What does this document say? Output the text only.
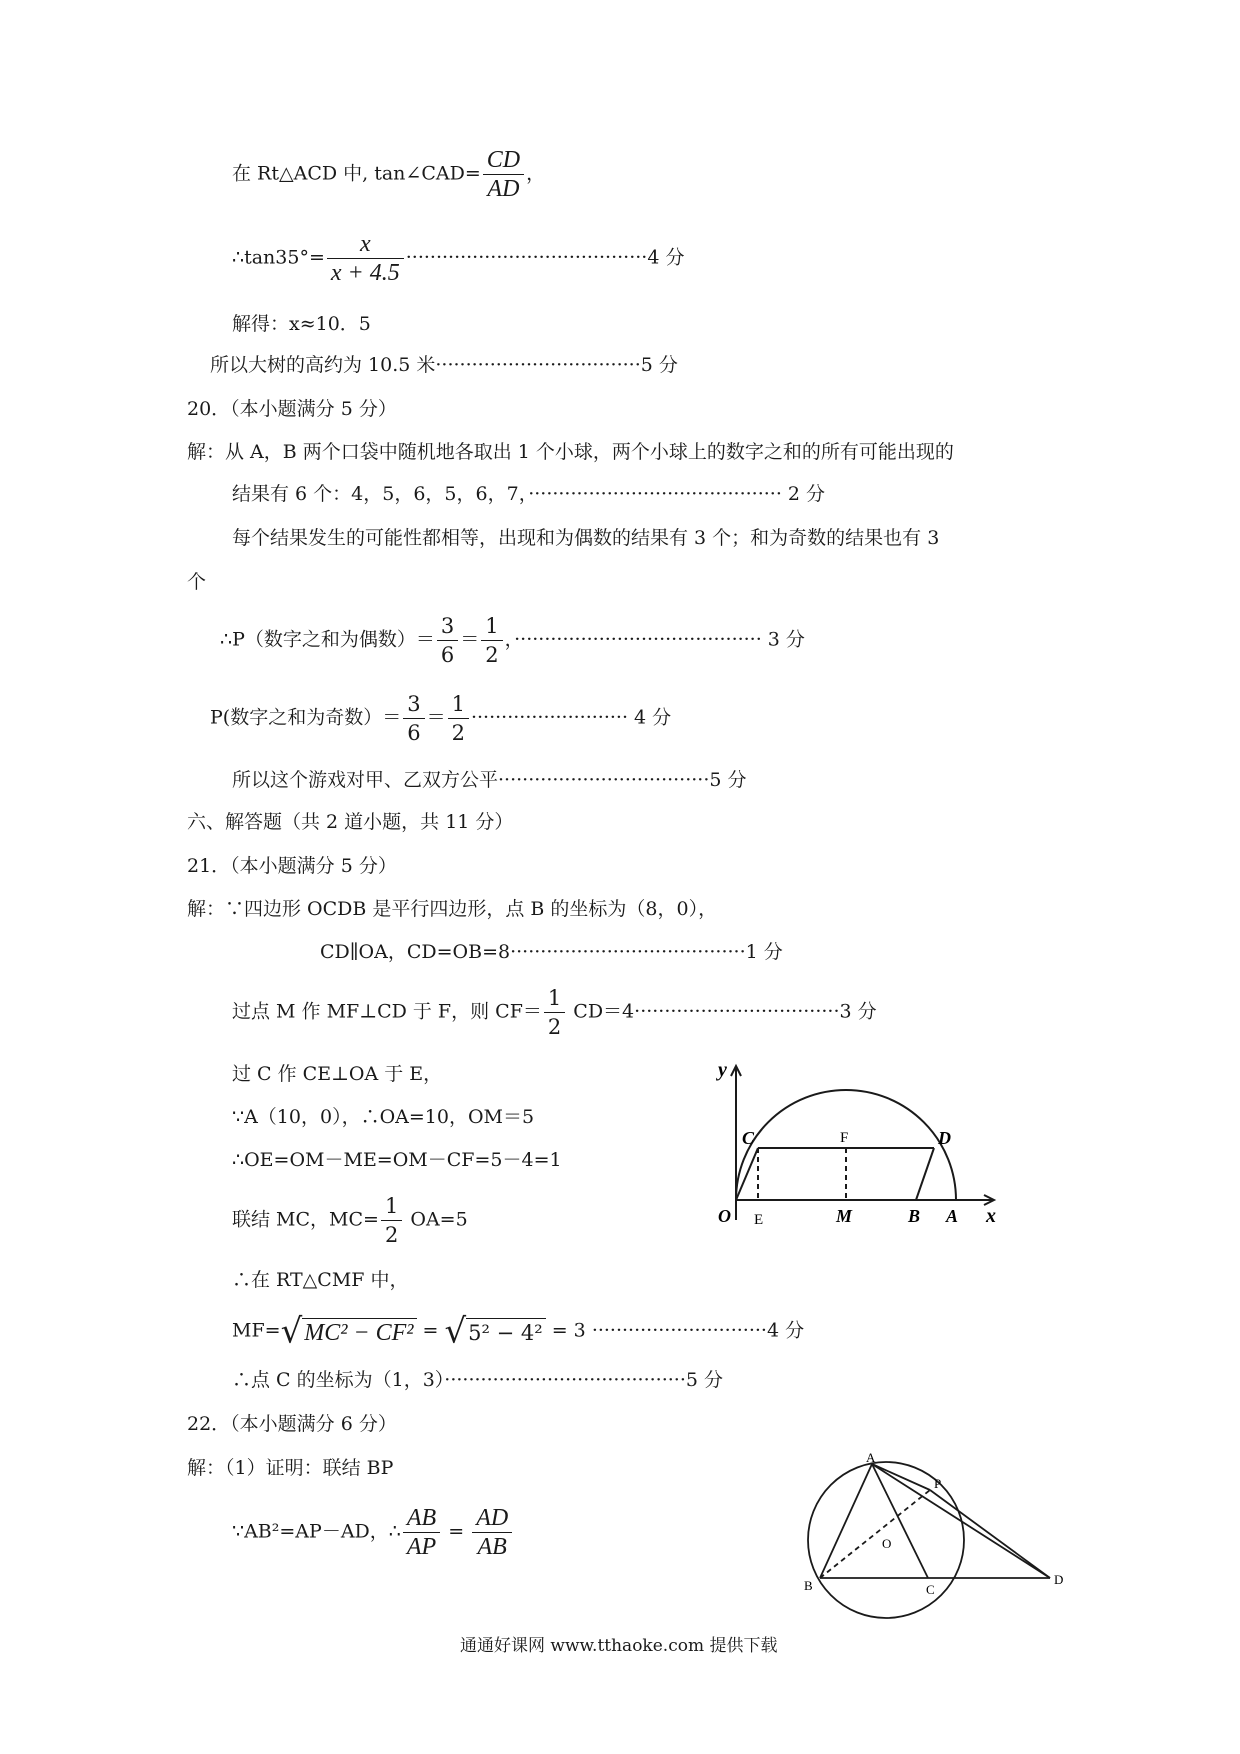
在 Rt△ACD 中, tan∠CAD= $\frac{CD}{AD}$ ，
∴tan35°= $\frac{x}{x + 4.5} \cdot\cdot\cdot\cdot\cdot\cdot\cdot\cdot\cdot\cdot\cdot\cdot\cdot\cdot\cdot\cdot\cdot\cdot\cdot\cdot\cdot\cdot\cdot\cdot\cdot\cdot\cdot\cdot\cdot\cdot\cdot\cdot\cdot\cdot\cdot\cdot\cdot\cdot\cdot\cdot 4$ 分
解得：x≈10．5
所以大树的高约为 10.5 米··································5 分
20．（本小题满分 5 分）
解：从 A，B 两个口袋中随机地各取出 1 个小球，两个小球上的数字之和的所有可能出现的
结果有 6 个：4，5，6，5，6，7，·········································· 2 分
每个结果发生的可能性都相等，出现和为偶数的结果有 3 个；和为奇数的结果也有 3
个
∴P（数字之和为偶数）＝ $\frac{3}{6} = \frac{1}{2}$ ，········································· 3 分
P(数字之和为奇数）＝ $\frac{3}{6} = \frac{1}{2}$ ·························· 4 分
所以这个游戏对甲、乙双方公平···································5 分
六、解答题（共 2 道小题，共 11 分）
21．（本小题满分 5 分）
解：∵四边形 OCDB 是平行四边形，点 B 的坐标为（8，0），
CD∥OA，CD=OB=8·······································1 分
过点 M 作 MF⊥CD 于 F，则 $CF= \frac{1}{2} CD=4\cdot\cdot\cdot\cdot\cdot\cdot\cdot\cdot\cdot\cdot\cdot\cdot\cdot\cdot\cdot\cdot\cdot\cdot\cdot\cdot\cdot\cdot\cdot\cdot\cdot\cdot\cdot\cdot\cdot\cdot\cdot\cdot\cdot\cdot 3$ 分
过 C 作 CE⊥OA 于 E，
∵A（10，0），∴OA=10，OM＝5
∴OE=OM－ME=OM－CF=5－4=1
联结 MC，$MC= \frac{1}{2} OA=5$
∴在 RT△CMF 中，
MF=√MC² − CF² = √5² − 4² = 3 ·····························4 分
∴点 C 的坐标为（1，3）········································5 分
22．（本小题满分 6 分）
解：（1）证明：联结 BP
∵AB²=AP－AD，∴ $\frac{AB}{AP} = \frac{AD}{AB}$
通通好课网 www.tthaoke.com 提供下载
y
C	F	D
O E	M	B A x
A
P
O
B	C
D
